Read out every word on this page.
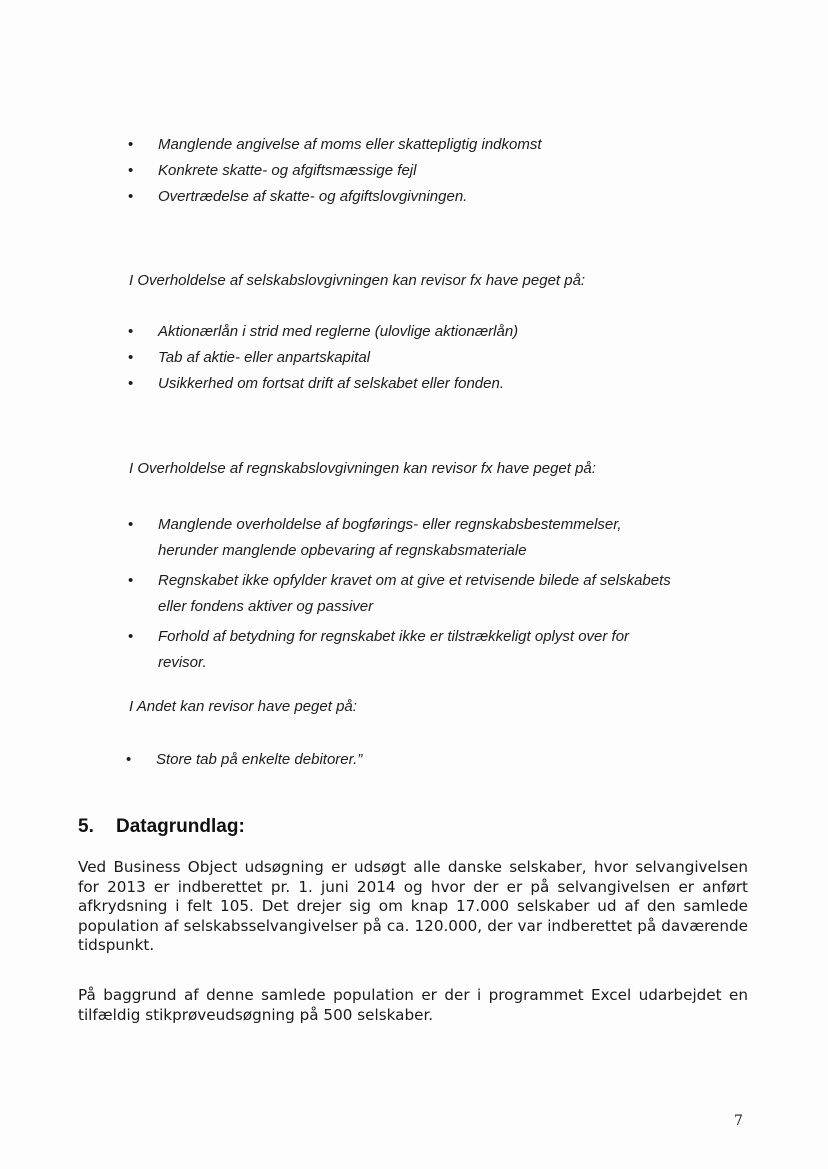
•	Manglende angivelse af moms eller skattepligtig indkomst
•	Konkrete skatte- og afgiftsmæssige fejl
•	Overtrædelse af skatte- og afgiftslovgivningen.
I Overholdelse af selskabslovgivningen kan revisor fx have peget på:
•	Aktionærlån i strid med reglerne (ulovlige aktionærlån)
•	Tab af aktie- eller anpartskapital
•	Usikkerhed om fortsat drift af selskabet eller fonden.
I Overholdelse af regnskabslovgivningen kan revisor fx have peget på:
•	Manglende overholdelse af bogførings- eller regnskabsbestemmelser, herunder manglende opbevaring af regnskabsmateriale
•	Regnskabet ikke opfylder kravet om at give et retvisende bilede af selskabets eller fondens aktiver og passiver
•	Forhold af betydning for regnskabet ikke er tilstrækkeligt oplyst over for revisor.
I Andet kan revisor have peget på:
•	Store tab på enkelte debitorer.”
5. Datagrundlag:

Ved Business Object udsøgning er udsøgt alle danske selskaber, hvor selvangivelsen for 2013 er indberettet pr. 1. juni 2014 og hvor der er på selvangivelsen er anført afkrydsning i felt 105. Det drejer sig om knap 17.000 selskaber ud af den samlede population af selskabsselvangivelser på ca. 120.000, der var indberettet på daværende tidspunkt.

På baggrund af denne samlede population er der i programmet Excel udarbejdet en tilfældig stikprøveudsøgning på 500 selskaber.

7
